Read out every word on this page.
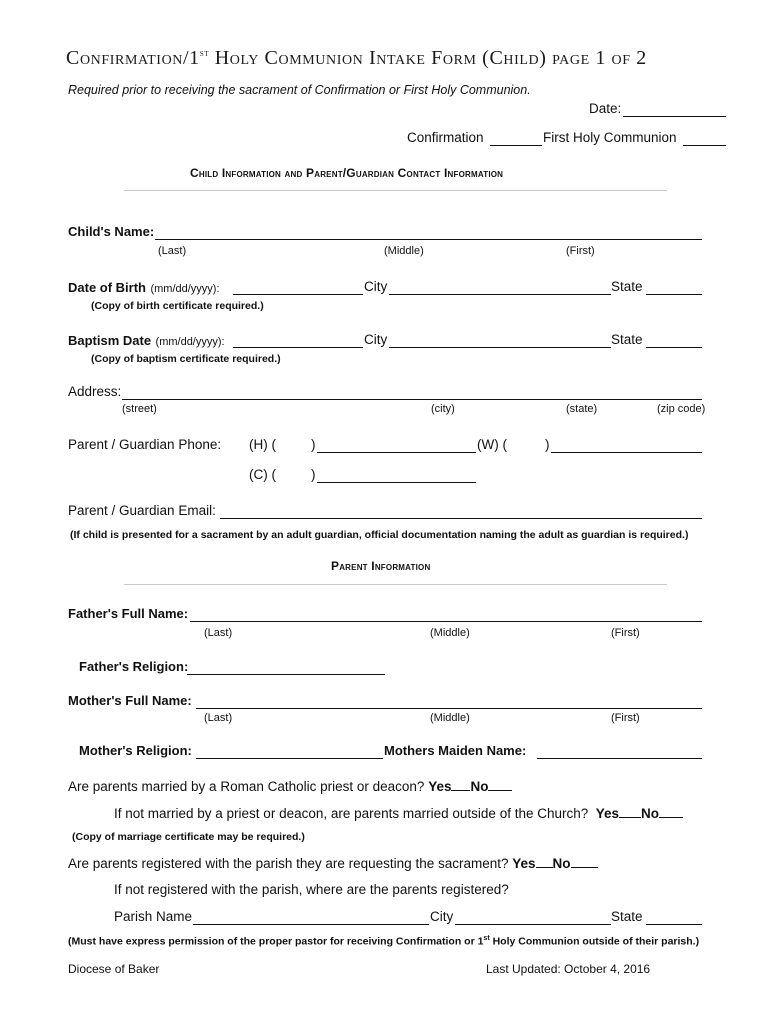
Confirmation/1st Holy Communion Intake Form (Child) page 1 of 2
Required prior to receiving the sacrament of Confirmation or First Holy Communion.
Date:
Confirmation	First Holy Communion
Child Information and Parent/Guardian Contact Information
Child's Name:
(Last)	(Middle)	(First)
Date of Birth (mm/dd/yyyy):	City	State
(Copy of birth certificate required.)
Baptism Date (mm/dd/yyyy):	City	State
(Copy of baptism certificate required.)
Address:
(street)	(city)	(state)	(zip code)
Parent / Guardian Phone: (H) (	)	(W) (	)
(C) (	)
Parent / Guardian Email:
(If child is presented for a sacrament by an adult guardian, official documentation naming the adult as guardian is required.)
Parent Information
Father's Full Name:
(Last)	(Middle)	(First)
Father's Religion:
Mother's Full Name:
(Last)	(Middle)	(First)
Mother's Religion:	Mothers Maiden Name:
Are parents married by a Roman Catholic priest or deacon? Yes No
If not married by a priest or deacon, are parents married outside of the Church? Yes No
(Copy of marriage certificate may be required.)
Are parents registered with the parish they are requesting the sacrament? Yes No
If not registered with the parish, where are the parents registered?
Parish Name	City	State
(Must have express permission of the proper pastor for receiving Confirmation or 1st Holy Communion outside of their parish.)
Diocese of Baker	Last Updated: October 4, 2016
